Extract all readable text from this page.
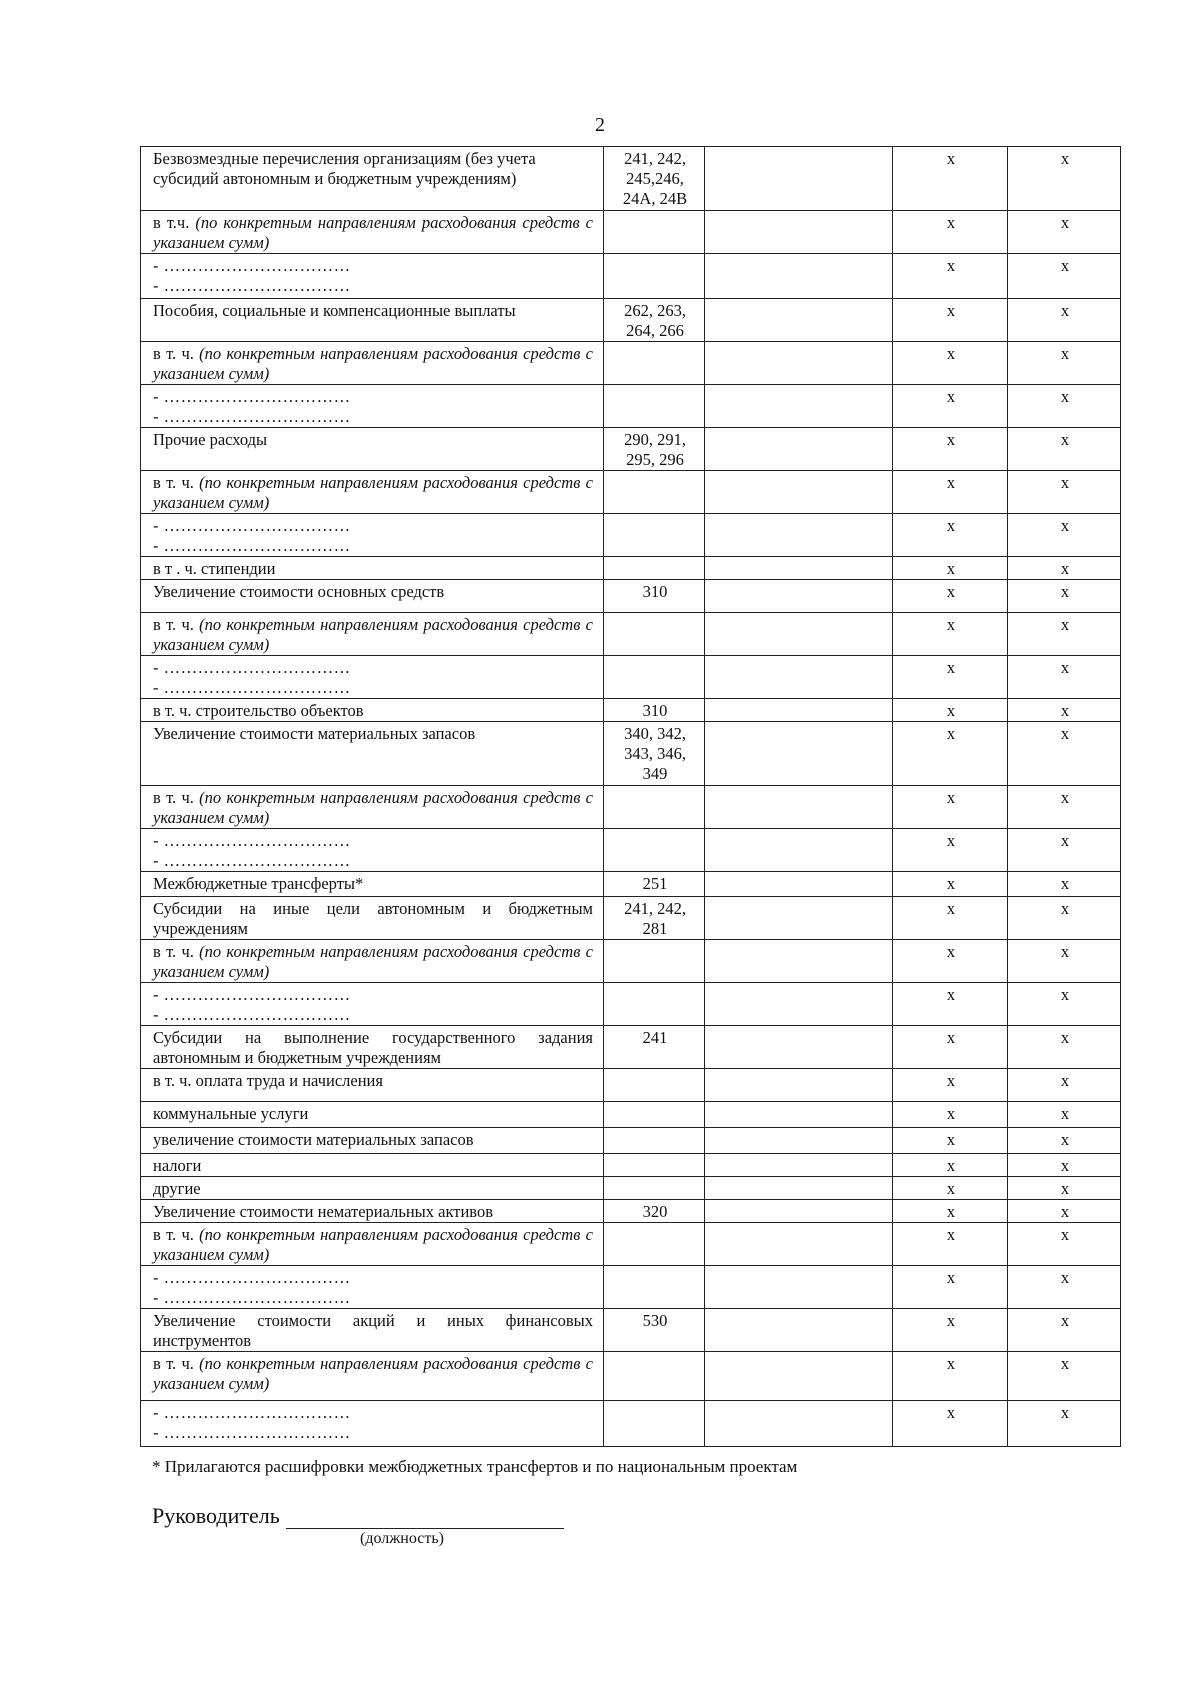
2
Безвозмездные перечисления организациям (без учета субсидий автономным и бюджетным учреждениям)	241, 242, 245,246, 24А, 24В		х	х

в т.ч. (по конкретным направлениям расходования средств с указанием сумм)			х	х

- ……………………………
- ……………………………			х	х

Пособия, социальные и компенсационные выплаты	262, 263, 264, 266		х	х

в т. ч. (по конкретным направлениям расходования средств с указанием сумм)			х	х

- ……………………………
- ……………………………			х	х

Прочие расходы	290, 291, 295, 296		х	х

в т. ч. (по конкретным направлениям расходования средств с указанием сумм)			х	х

- ……………………………
- ……………………………			х	х

в т . ч. стипендии			х	х

Увеличение стоимости основных средств	310		х	х

в т. ч. (по конкретным направлениям расходования средств с указанием сумм)			х	х

- ……………………………
- ……………………………			х	х

в т. ч. строительство объектов	310		х	х

Увеличение стоимости материальных запасов	340, 342, 343, 346, 349		х	х

в т. ч. (по конкретным направлениям расходования средств с указанием сумм)			х	х

- ……………………………
- ……………………………			х	х

Межбюджетные трансферты*	251		х	х

Субсидии на иные цели автономным и бюджетным учреждениям	241, 242, 281		х	х

в т. ч. (по конкретным направлениям расходования средств с указанием сумм)			х	х

- ……………………………
- ……………………………			х	х

Субсидии на выполнение государственного задания автономным и бюджетным учреждениям	241		х	х

в т. ч. оплата труда и начисления			х	х

коммунальные услуги			х	х

увеличение стоимости материальных запасов			х	х

налоги			х	х

другие			х	х

Увеличение стоимости нематериальных активов	320		х	х

в т. ч. (по конкретным направлениям расходования средств с указанием сумм)			х	х

- ……………………………
- ……………………………			х	х

Увеличение стоимости акций и иных финансовых инструментов	530		х	х

в т. ч. (по конкретным направлениям расходования средств с указанием сумм)			х	х

- ……………………………
- ……………………………			х	х
* Прилагаются расшифровки межбюджетных трансфертов и по национальным проектам
Руководитель
(должность)
